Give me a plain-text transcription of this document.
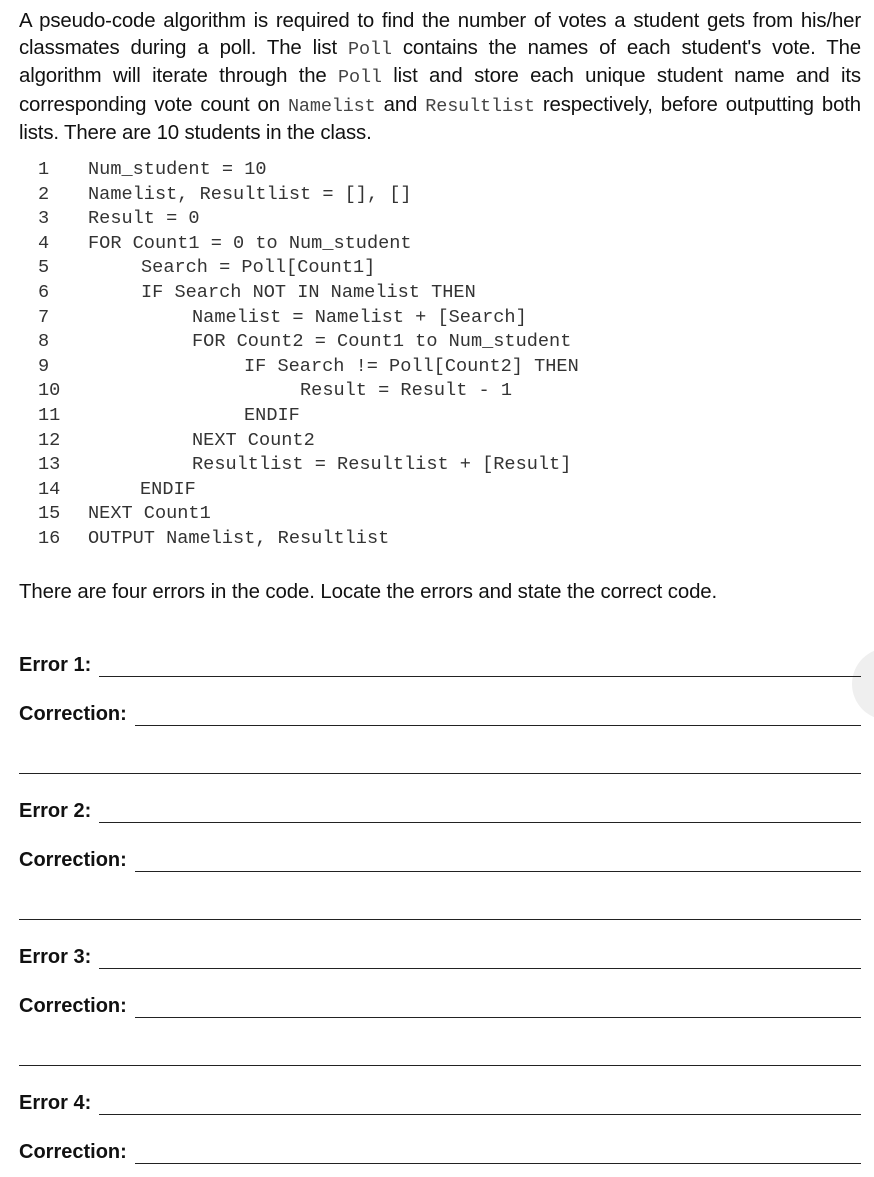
A pseudo-code algorithm is required to find the number of votes a student gets from his/her classmates during a poll. The list Poll contains the names of each student's vote. The algorithm will iterate through the Poll list and store each unique student name and its corresponding vote count on Namelist and Resultlist respectively, before outputting both lists. There are 10 students in the class.
1 Num_student = 10
2 Namelist, Resultlist = [], []
3 Result = 0
4 FOR Count1 = 0 to Num_student
5	Search = Poll[Count1]
6	IF Search NOT IN Namelist THEN
7	Namelist = Namelist + [Search]
8	FOR Count2 = Count1 to Num_student
9	IF Search != Poll[Count2] THEN
10	Result = Result - 1
11	ENDIF
12	NEXT Count2
13	Resultlist = Resultlist + [Result]
14	ENDIF
15 NEXT Count1
16 OUTPUT Namelist, Resultlist
There are four errors in the code. Locate the errors and state the correct code.
Error 1:
Correction:
Error 2:
Correction:
Error 3:
Correction:
Error 4:
Correction:
